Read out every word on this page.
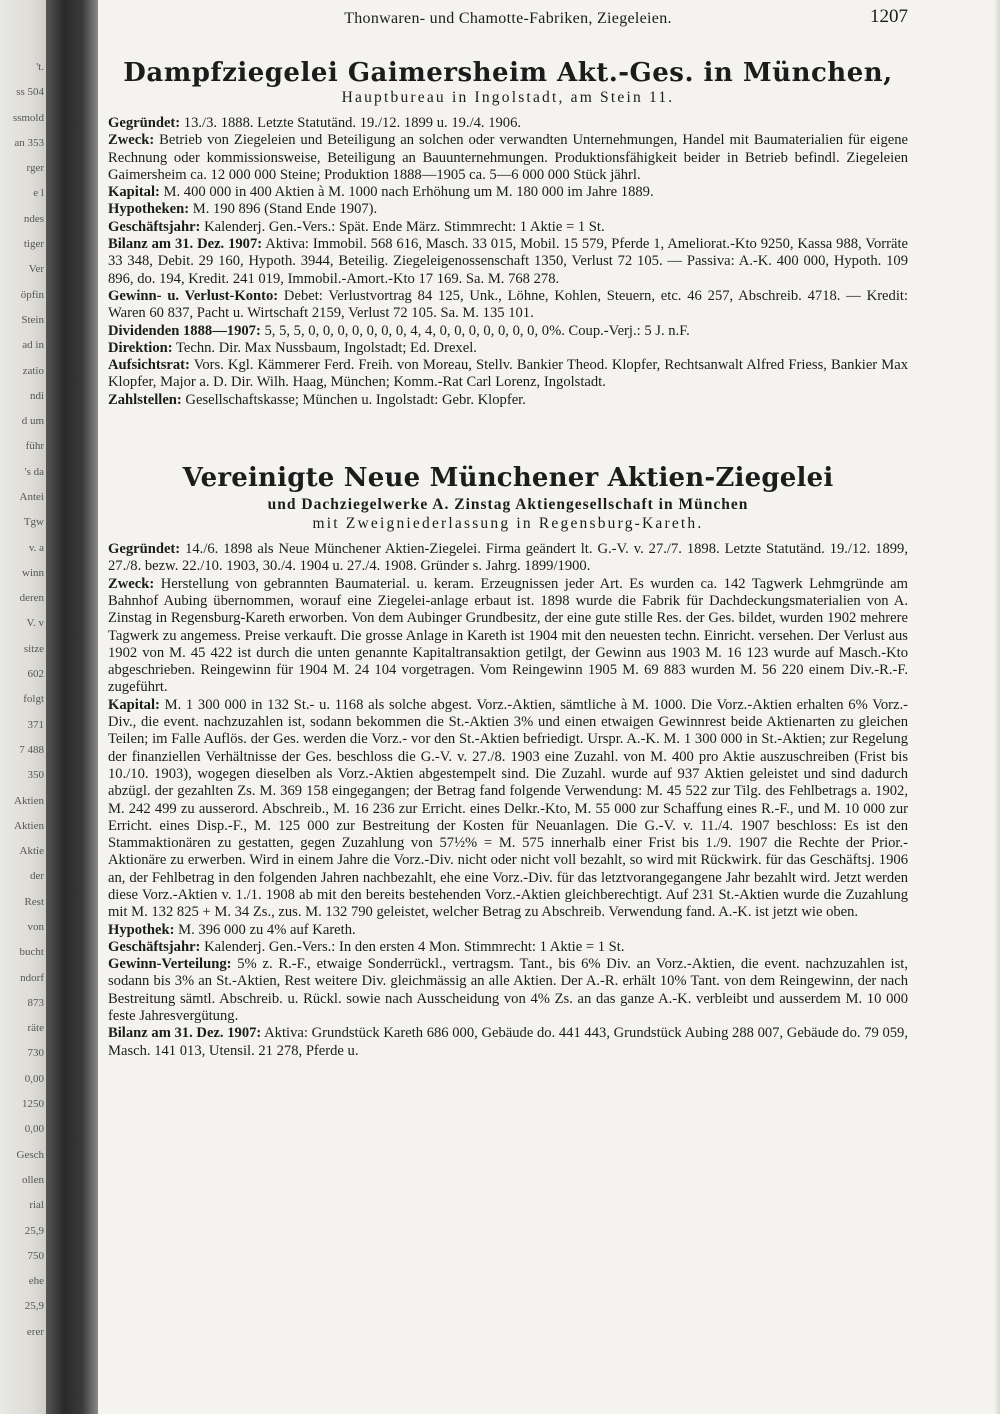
't.
ss 504
ssmold
an 353
rger
e l
ndes
tiger
Ver
öpfin
Stein
ad in
zatio
ndi
d um
führ
's da
Antei
Tgw
v. a
winn
deren
V. v
sitze
602
folgt
371
7 488
350
Aktien
Aktien
Aktie
der
Rest
von
bucht
ndorf
873
räte
730
0,00
1250
0,00
Gesch
ollen
rial
25,9
750
ehe
25,9
erer
Thonwaren- und Chamotte-Fabriken, Ziegeleien.	1207
Dampfziegelei Gaimersheim Akt.-Ges. in München,

Hauptbureau in Ingolstadt, am Stein 11.

Gegründet: 13./3. 1888. Letzte Statutänd. 19./12. 1899 u. 19./4. 1906.

Zweck: Betrieb von Ziegeleien und Beteiligung an solchen oder verwandten Unternehmungen, Handel mit Baumaterialien für eigene Rechnung oder kommissionsweise, Beteiligung an Bauunternehmungen. Produktionsfähigkeit beider in Betrieb befindl. Ziegeleien Gaimersheim ca. 12 000 000 Steine; Produktion 1888—1905 ca. 5—6 000 000 Stück jährl.

Kapital: M. 400 000 in 400 Aktien à M. 1000 nach Erhöhung um M. 180 000 im Jahre 1889.

Hypotheken: M. 190 896 (Stand Ende 1907).

Geschäftsjahr: Kalenderj. Gen.-Vers.: Spät. Ende März. Stimmrecht: 1 Aktie = 1 St.

Bilanz am 31. Dez. 1907: Aktiva: Immobil. 568 616, Masch. 33 015, Mobil. 15 579, Pferde 1, Ameliorat.-Kto 9250, Kassa 988, Vorräte 33 348, Debit. 29 160, Hypoth. 3944, Beteilig. Ziegeleigenossenschaft 1350, Verlust 72 105. — Passiva: A.-K. 400 000, Hypoth. 109 896, do. 194, Kredit. 241 019, Immobil.-Amort.-Kto 17 169. Sa. M. 768 278.

Gewinn- u. Verlust-Konto: Debet: Verlustvortrag 84 125, Unk., Löhne, Kohlen, Steuern, etc. 46 257, Abschreib. 4718. — Kredit: Waren 60 837, Pacht u. Wirtschaft 2159, Verlust 72 105. Sa. M. 135 101.

Dividenden 1888—1907: 5, 5, 5, 0, 0, 0, 0, 0, 0, 0, 4, 4, 0, 0, 0, 0, 0, 0, 0, 0%. Coup.-Verj.: 5 J. n.F.

Direktion: Techn. Dir. Max Nussbaum, Ingolstadt; Ed. Drexel.

Aufsichtsrat: Vors. Kgl. Kämmerer Ferd. Freih. von Moreau, Stellv. Bankier Theod. Klopfer, Rechtsanwalt Alfred Friess, Bankier Max Klopfer, Major a. D. Dir. Wilh. Haag, München; Komm.-Rat Carl Lorenz, Ingolstadt.

Zahlstellen: Gesellschaftskasse; München u. Ingolstadt: Gebr. Klopfer.

Vereinigte Neue Münchener Aktien-Ziegelei

und Dachziegelwerke A. Zinstag Aktiengesellschaft in München

mit Zweigniederlassung in Regensburg-Kareth.

Gegründet: 14./6. 1898 als Neue Münchener Aktien-Ziegelei. Firma geändert lt. G.-V. v. 27./7. 1898. Letzte Statutänd. 19./12. 1899, 27./8. bezw. 22./10. 1903, 30./4. 1904 u. 27./4. 1908. Gründer s. Jahrg. 1899/1900.

Zweck: Herstellung von gebrannten Baumaterial. u. keram. Erzeugnissen jeder Art. Es wurden ca. 142 Tagwerk Lehmgründe am Bahnhof Aubing übernommen, worauf eine Ziegelei-anlage erbaut ist. 1898 wurde die Fabrik für Dachdeckungsmaterialien von A. Zinstag in Regensburg-Kareth erworben. Von dem Aubinger Grundbesitz, der eine gute stille Res. der Ges. bildet, wurden 1902 mehrere Tagwerk zu angemess. Preise verkauft. Die grosse Anlage in Kareth ist 1904 mit den neuesten techn. Einricht. versehen. Der Verlust aus 1902 von M. 45 422 ist durch die unten genannte Kapitaltransaktion getilgt, der Gewinn aus 1903 M. 16 123 wurde auf Masch.-Kto abgeschrieben. Reingewinn für 1904 M. 24 104 vorgetragen. Vom Reingewinn 1905 M. 69 883 wurden M. 56 220 einem Div.-R.-F. zugeführt.

Kapital: M. 1 300 000 in 132 St.- u. 1168 als solche abgest. Vorz.-Aktien, sämtliche à M. 1000. Die Vorz.-Aktien erhalten 6% Vorz.-Div., die event. nachzuzahlen ist, sodann bekommen die St.-Aktien 3% und einen etwaigen Gewinnrest beide Aktienarten zu gleichen Teilen; im Falle Auflös. der Ges. werden die Vorz.- vor den St.-Aktien befriedigt. Urspr. A.-K. M. 1 300 000 in St.-Aktien; zur Regelung der finanziellen Verhältnisse der Ges. beschloss die G.-V. v. 27./8. 1903 eine Zuzahl. von M. 400 pro Aktie auszuschreiben (Frist bis 10./10. 1903), wogegen dieselben als Vorz.-Aktien abgestempelt sind. Die Zuzahl. wurde auf 937 Aktien geleistet und sind dadurch abzügl. der gezahlten Zs. M. 369 158 eingegangen; der Betrag fand folgende Verwendung: M. 45 522 zur Tilg. des Fehlbetrags a. 1902, M. 242 499 zu ausserord. Abschreib., M. 16 236 zur Erricht. eines Delkr.-Kto, M. 55 000 zur Schaffung eines R.-F., und M. 10 000 zur Erricht. eines Disp.-F., M. 125 000 zur Bestreitung der Kosten für Neuanlagen. Die G.-V. v. 11./4. 1907 beschloss: Es ist den Stammaktionären zu gestatten, gegen Zuzahlung von 57½% = M. 575 innerhalb einer Frist bis 1./9. 1907 die Rechte der Prior.-Aktionäre zu erwerben. Wird in einem Jahre die Vorz.-Div. nicht oder nicht voll bezahlt, so wird mit Rückwirk. für das Geschäftsj. 1906 an, der Fehlbetrag in den folgenden Jahren nachbezahlt, ehe eine Vorz.-Div. für das letztvorangegangene Jahr bezahlt wird. Jetzt werden diese Vorz.-Aktien v. 1./1. 1908 ab mit den bereits bestehenden Vorz.-Aktien gleichberechtigt. Auf 231 St.-Aktien wurde die Zuzahlung mit M. 132 825 + M. 34 Zs., zus. M. 132 790 geleistet, welcher Betrag zu Abschreib. Verwendung fand. A.-K. ist jetzt wie oben.

Hypothek: M. 396 000 zu 4% auf Kareth.

Geschäftsjahr: Kalenderj. Gen.-Vers.: In den ersten 4 Mon. Stimmrecht: 1 Aktie = 1 St.

Gewinn-Verteilung: 5% z. R.-F., etwaige Sonderrückl., vertragsm. Tant., bis 6% Div. an Vorz.-Aktien, die event. nachzuzahlen ist, sodann bis 3% an St.-Aktien, Rest weitere Div. gleichmässig an alle Aktien. Der A.-R. erhält 10% Tant. von dem Reingewinn, der nach Bestreitung sämtl. Abschreib. u. Rückl. sowie nach Ausscheidung von 4% Zs. an das ganze A.-K. verbleibt und ausserdem M. 10 000 feste Jahresvergütung.

Bilanz am 31. Dez. 1907: Aktiva: Grundstück Kareth 686 000, Gebäude do. 441 443, Grundstück Aubing 288 007, Gebäude do. 79 059, Masch. 141 013, Utensil. 21 278, Pferde u.
